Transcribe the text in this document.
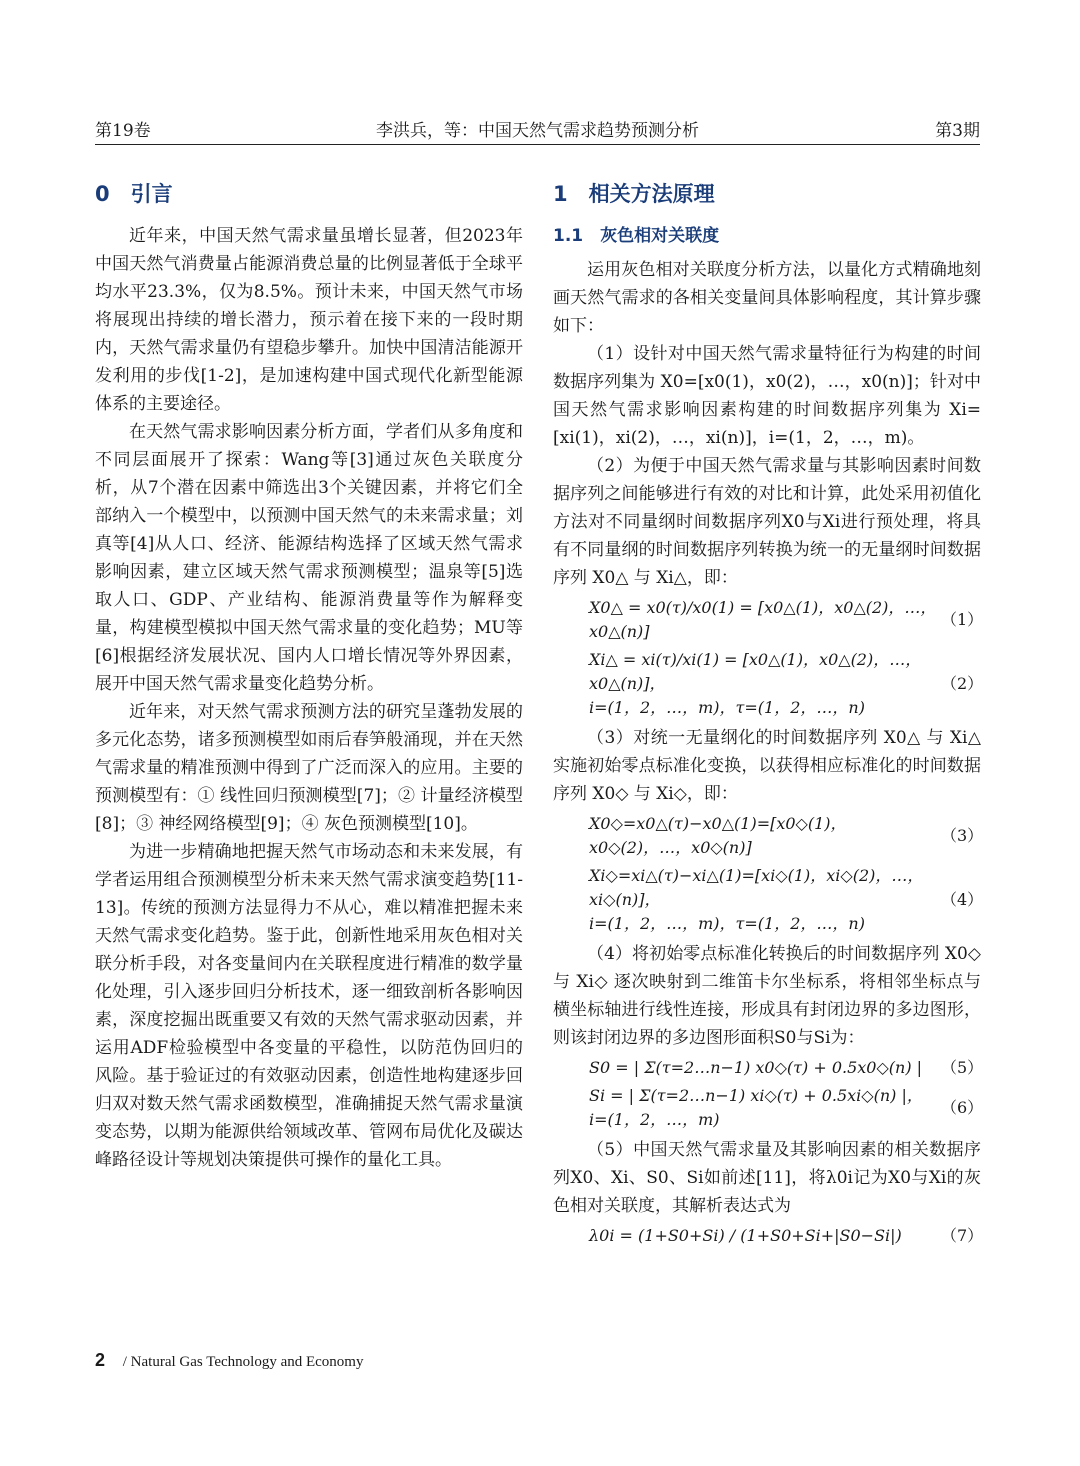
李洪兵，等：中国天然气需求趋势预测分析
第19卷	第3期
0　引言

近年来，中国天然气需求量虽增长显著，但2023年中国天然气消费量占能源消费总量的比例显著低于全球平均水平23.3%，仅为8.5%。预计未来，中国天然气市场将展现出持续的增长潜力，预示着在接下来的一段时期内，天然气需求量仍有望稳步攀升。加快中国清洁能源开发利用的步伐[1-2]，是加速构建中国式现代化新型能源体系的主要途径。

在天然气需求影响因素分析方面，学者们从多角度和不同层面展开了探索：Wang等[3]通过灰色关联度分析，从7个潜在因素中筛选出3个关键因素，并将它们全部纳入一个模型中，以预测中国天然气的未来需求量；刘真等[4]从人口、经济、能源结构选择了区域天然气需求影响因素，建立区域天然气需求预测模型；温泉等[5]选取人口、GDP、产业结构、能源消费量等作为解释变量，构建模型模拟中国天然气需求量的变化趋势；MU等[6]根据经济发展状况、国内人口增长情况等外界因素，展开中国天然气需求量变化趋势分析。

近年来，对天然气需求预测方法的研究呈蓬勃发展的多元化态势，诸多预测模型如雨后春笋般涌现，并在天然气需求量的精准预测中得到了广泛而深入的应用。主要的预测模型有：① 线性回归预测模型[7]；② 计量经济模型[8]；③ 神经网络模型[9]；④ 灰色预测模型[10]。

为进一步精确地把握天然气市场动态和未来发展，有学者运用组合预测模型分析未来天然气需求演变趋势[11-13]。传统的预测方法显得力不从心，难以精准把握未来天然气需求变化趋势。鉴于此，创新性地采用灰色相对关联分析手段，对各变量间内在关联程度进行精准的数学量化处理，引入逐步回归分析技术，逐一细致剖析各影响因素，深度挖掘出既重要又有效的天然气需求驱动因素，并运用ADF检验模型中各变量的平稳性，以防范伪回归的风险。基于验证过的有效驱动因素，创造性地构建逐步回归双对数天然气需求函数模型，准确捕捉天然气需求量演变态势，以期为能源供给领域改革、管网布局优化及碳达峰路径设计等规划决策提供可操作的量化工具。

1　相关方法原理
1.1　灰色相对关联度

运用灰色相对关联度分析方法，以量化方式精确地刻画天然气需求的各相关变量间具体影响程度，其计算步骤如下：

（1）设针对中国天然气需求量特征行为构建的时间数据序列集为 X0=[x0(1)，x0(2)，…，x0(n)]；针对中国天然气需求影响因素构建的时间数据序列集为 Xi=[xi(1)，xi(2)，…，xi(n)]，i=(1，2，…，m)。

（2）为便于中国天然气需求量与其影响因素时间数据序列之间能够进行有效的对比和计算，此处采用初值化方法对不同量纲时间数据序列X0与Xi进行预处理，将具有不同量纲的时间数据序列转换为统一的无量纲时间数据序列 X0△ 与 Xi△，即：

X0△ = x0(τ)/x0(1) = [x0△(1)，x0△(2)，…，x0△(n)]
（1）
Xi△ = xi(τ)/xi(1) = [x0△(1)，x0△(2)，…，x0△(n)]，
i=(1，2，…，m)，τ=(1，2，…，n)
（2）

（3）对统一无量纲化的时间数据序列 X0△ 与 Xi△ 实施初始零点标准化变换，以获得相应标准化的时间数据序列 X0◇ 与 Xi◇，即：

X0◇=x0△(τ)−x0△(1)=[x0◇(1)，x0◇(2)，…，x0◇(n)]
（3）
Xi◇=xi△(τ)−xi△(1)=[xi◇(1)，xi◇(2)，…，xi◇(n)]，
i=(1，2，…，m)，τ=(1，2，…，n)
（4）

（4）将初始零点标准化转换后的时间数据序列 X0◇ 与 Xi◇ 逐次映射到二维笛卡尔坐标系，将相邻坐标点与横坐标轴进行线性连接，形成具有封闭边界的多边图形，则该封闭边界的多边图形面积S0与Si为：

S0 = | Σ(τ=2…n−1) x0◇(τ) + 0.5x0◇(n) |	（5）
Si = | Σ(τ=2…n−1) xi◇(τ) + 0.5xi◇(n) |，i=(1，2，…，m)
（6）

（5）中国天然气需求量及其影响因素的相关数据序列X0、Xi、S0、Si如前述[11]，将λ0i记为X0与Xi的灰色相对关联度，其解析表达式为

λ0i = (1+S0+Si) / (1+S0+Si+|S0−Si|)	（7）
2 / Natural Gas Technology and Economy
